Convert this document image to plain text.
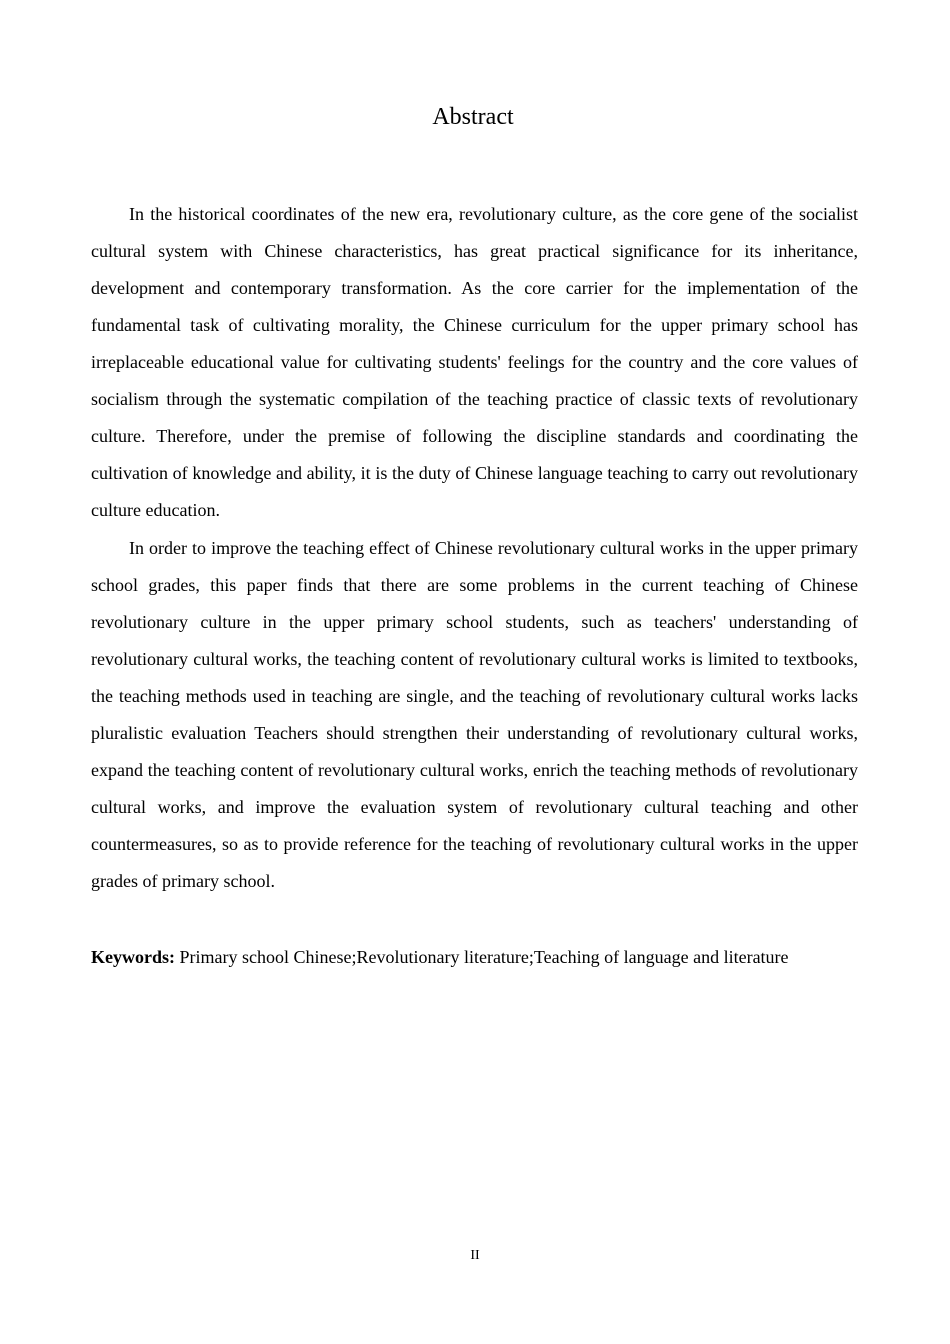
Abstract

In the historical coordinates of the new era, revolutionary culture, as the core gene of the socialist cultural system with Chinese characteristics, has great practical significance for its inheritance, development and contemporary transformation. As the core carrier for the implementation of the fundamental task of cultivating morality, the Chinese curriculum for the upper primary school has irreplaceable educational value for cultivating students' feelings for the country and the core values of socialism through the systematic compilation of the teaching practice of classic texts of revolutionary culture. Therefore, under the premise of following the discipline standards and coordinating the cultivation of knowledge and ability, it is the duty of Chinese language teaching to carry out revolutionary culture education.

In order to improve the teaching effect of Chinese revolutionary cultural works in the upper primary school grades, this paper finds that there are some problems in the current teaching of Chinese revolutionary culture in the upper primary school students, such as teachers' understanding of revolutionary cultural works, the teaching content of revolutionary cultural works is limited to textbooks, the teaching methods used in teaching are single, and the teaching of revolutionary cultural works lacks pluralistic evaluation Teachers should strengthen their understanding of revolutionary cultural works, expand the teaching content of revolutionary cultural works, enrich the teaching methods of revolutionary cultural works, and improve the evaluation system of revolutionary cultural teaching and other countermeasures, so as to provide reference for the teaching of revolutionary cultural works in the upper grades of primary school.

Keywords: Primary school Chinese;Revolutionary literature;Teaching of language and literature

II
